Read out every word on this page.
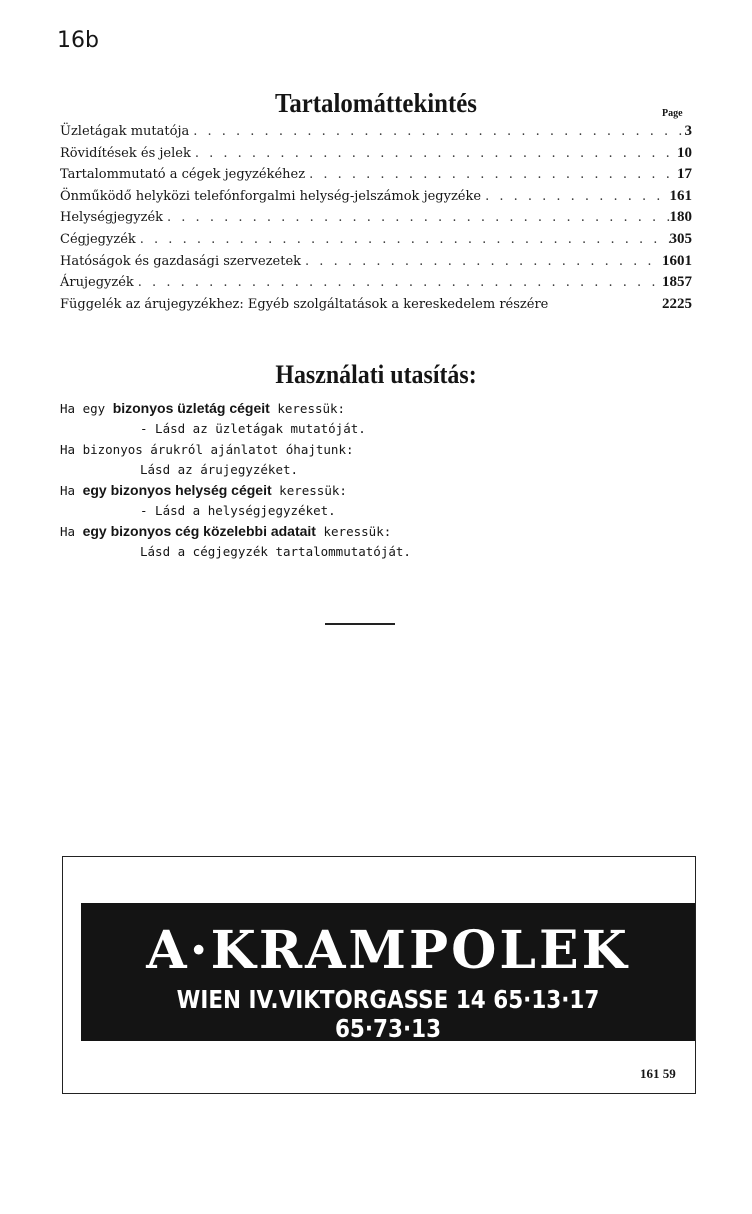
16b
Tartalomáttekintés	Page
Üzletágak mutatója . . .	3
Rövidítések és jelek . . .	10
Tartalommutató a cégek jegyzékéhez . . .	17
Önműködő helyközi telefónforgalmi helység-jelszámok jegyzéke . . .	161
Helységjegyzék . . .	180
Cégjegyzék . . .	305
Hatóságok és gazdasági szervezetek . . .	1601
Árujegyzék . . .	1857
Függelék az árujegyzékhez: Egyéb szolgáltatások a kereskedelem részére	2225
Használati utasítás:
Ha egy bizonyos üzletág cégeit keressük:
- Lásd az üzletágak mutatóját.
Ha bizonyos árukról ajánlatot óhajtunk:
Lásd az árujegyzéket.
Ha egy bizonyos helység cégeit keressük:
- Lásd a helységjegyzéket.
Ha egy bizonyos cég közelebbi adatait keressük:
Lásd a cégjegyzék tartalommutatóját.
A·KRAMPOLEK
WIEN IV.VIKTORGASSE 14 65·13·17 65·73·13
161 59
